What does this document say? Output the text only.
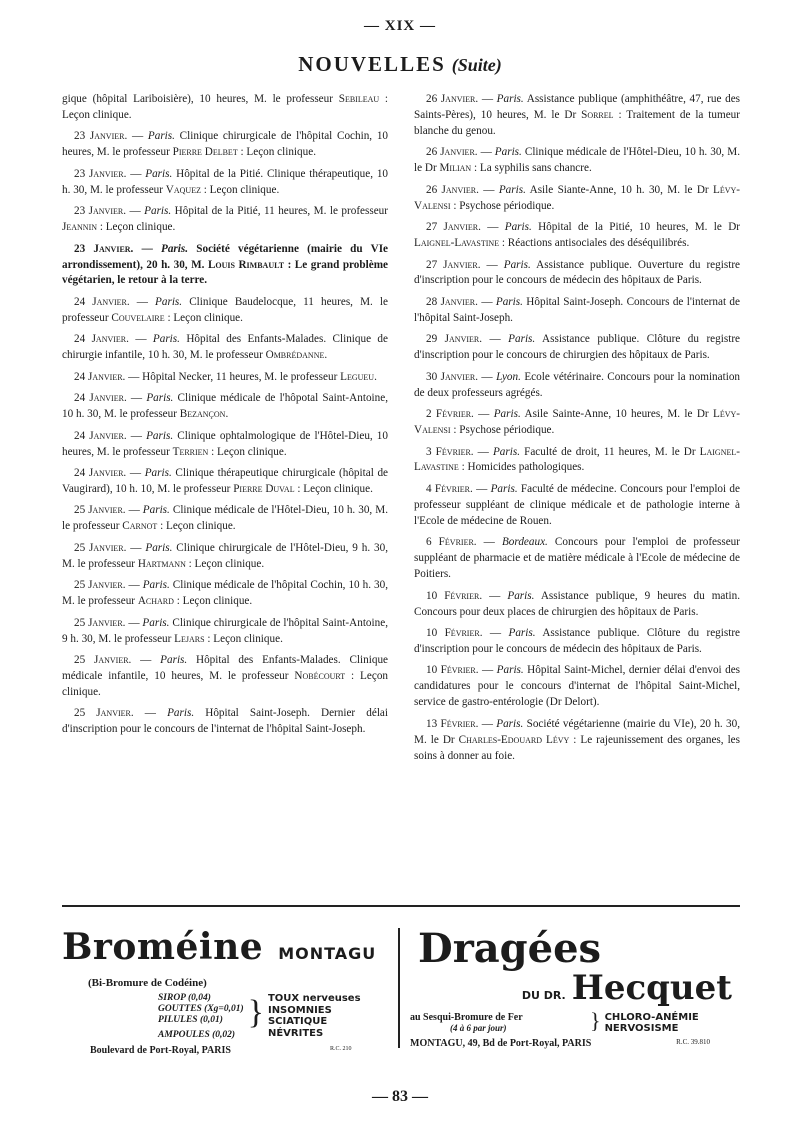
— XIX —
NOUVELLES (Suite)

gique (hôpital Lariboisière), 10 heures, M. le professeur Sebileau : Leçon clinique.

23 Janvier. — Paris. Clinique chirurgicale de l'hôpital Cochin, 10 heures, M. le professeur Pierre Delbet : Leçon clinique.

23 Janvier. — Paris. Hôpital de la Pitié. Clinique thérapeutique, 10 h. 30, M. le professeur Vaquez : Leçon clinique.

23 Janvier. — Paris. Hôpital de la Pitié, 11 heures, M. le professeur Jeannin : Leçon clinique.

23 Janvier. — Paris. Société végétarienne (mairie du VIe arrondissement), 20 h. 30, M. Louis Rimbault : Le grand problème végétarien, le retour à la terre.

24 Janvier. — Paris. Clinique Baudelocque, 11 heures, M. le professeur Couvelaire : Leçon clinique.

24 Janvier. — Paris. Hôpital des Enfants-Malades. Clinique de chirurgie infantile, 10 h. 30, M. le professeur Ombrédanne.

24 Janvier. — Hôpital Necker, 11 heures, M. le professeur Legueu.

24 Janvier. — Paris. Clinique médicale de l'hôpotal Saint-Antoine, 10 h. 30, M. le professeur Bezançon.

24 Janvier. — Paris. Clinique ophtalmologique de l'Hôtel-Dieu, 10 heures, M. le professeur Terrien : Leçon clinique.

24 Janvier. — Paris. Clinique thérapeutique chirurgicale (hôpital de Vaugirard), 10 h. 10, M. le professeur Pierre Duval : Leçon clinique.

25 Janvier. — Paris. Clinique médicale de l'Hôtel-Dieu, 10 h. 30, M. le professeur Carnot : Leçon clinique.

25 Janvier. — Paris. Clinique chirurgicale de l'Hôtel-Dieu, 9 h. 30, M. le professeur Hartmann : Leçon clinique.

25 Janvier. — Paris. Clinique médicale de l'hôpital Cochin, 10 h. 30, M. le professeur Achard : Leçon clinique.

25 Janvier. — Paris. Clinique chirurgicale de l'hôpital Saint-Antoine, 9 h. 30, M. le professeur Lejars : Leçon clinique.

25 Janvier. — Paris. Hôpital des Enfants-Malades. Clinique médicale infantile, 10 heures, M. le professeur Nobécourt : Leçon clinique.

25 Janvier. — Paris. Hôpital Saint-Joseph. Dernier délai d'inscription pour le concours de l'internat de l'hôpital Saint-Joseph.

26 Janvier. — Paris. Assistance publique (amphithéâtre, 47, rue des Saints-Pères), 10 heures, M. le Dr Sorrel : Traitement de la tumeur blanche du genou.

26 Janvier. — Paris. Clinique médicale de l'Hôtel-Dieu, 10 h. 30, M. le Dr Milian : La syphilis sans chancre.

26 Janvier. — Paris. Asile Siante-Anne, 10 h. 30, M. le Dr Lévy-Valensi : Psychose périodique.

27 Janvier. — Paris. Hôpital de la Pitié, 10 heures, M. le Dr Laignel-Lavastine : Réactions antisociales des déséquilibrés.

27 Janvier. — Paris. Assistance publique. Ouverture du registre d'inscription pour le concours de médecin des hôpitaux de Paris.

28 Janvier. — Paris. Hôpital Saint-Joseph. Concours de l'internat de l'hôpital Saint-Joseph.

29 Janvier. — Paris. Assistance publique. Clôture du registre d'inscription pour le concours de chirurgien des hôpitaux de Paris.

30 Janvier. — Lyon. Ecole vétérinaire. Concours pour la nomination de deux professeurs agrégés.

2 Février. — Paris. Asile Sainte-Anne, 10 heures, M. le Dr Lévy-Valensi : Psychose périodique.

3 Février. — Paris. Faculté de droit, 11 heures, M. le Dr Laignel-Lavastine : Homicides pathologiques.

4 Février. — Paris. Faculté de médecine. Concours pour l'emploi de professeur suppléant de clinique médicale et de pathologie interne à l'Ecole de médecine de Rouen.

6 Février. — Bordeaux. Concours pour l'emploi de professeur suppléant de pharmacie et de matière médicale à l'Ecole de médecine de Poitiers.

10 Février. — Paris. Assistance publique, 9 heures du matin. Concours pour deux places de chirurgien des hôpitaux de Paris.

10 Février. — Paris. Assistance publique. Clôture du registre d'inscription pour le concours de médecin des hôpitaux de Paris.

10 Février. — Paris. Hôpital Saint-Michel, dernier délai d'envoi des candidatures pour le concours d'internat de l'hôpital Saint-Michel, service de gastro-entérologie (Dr Delort).

13 Février. — Paris. Société végétarienne (mairie du VIe), 20 h. 30, M. le Dr Charles-Edouard Lévy : Le rajeunissement des organes, les soins à donner au foie.

Broméine MONTAGU
(Bi-Bromure de Codéine)
SIROP (0,04)
GOUTTES (Xg=0,01)
PILULES (0,01)
AMPOULES (0,02)
} TOUX nerveuses
INSOMNIES
SCIATIQUE
NÉVRITES
Boulevard de Port-Royal, PARIS	R.C. 210
Dragées
DU DR. Hecquet
au Sesqui-Bromure de Fer
(4 à 6 par jour)	} CHLORO-ANÉMIE
NERVOSISME
MONTAGU, 49, Bd de Port-Royal, PARIS	R.C. 39.810
— 83 —
